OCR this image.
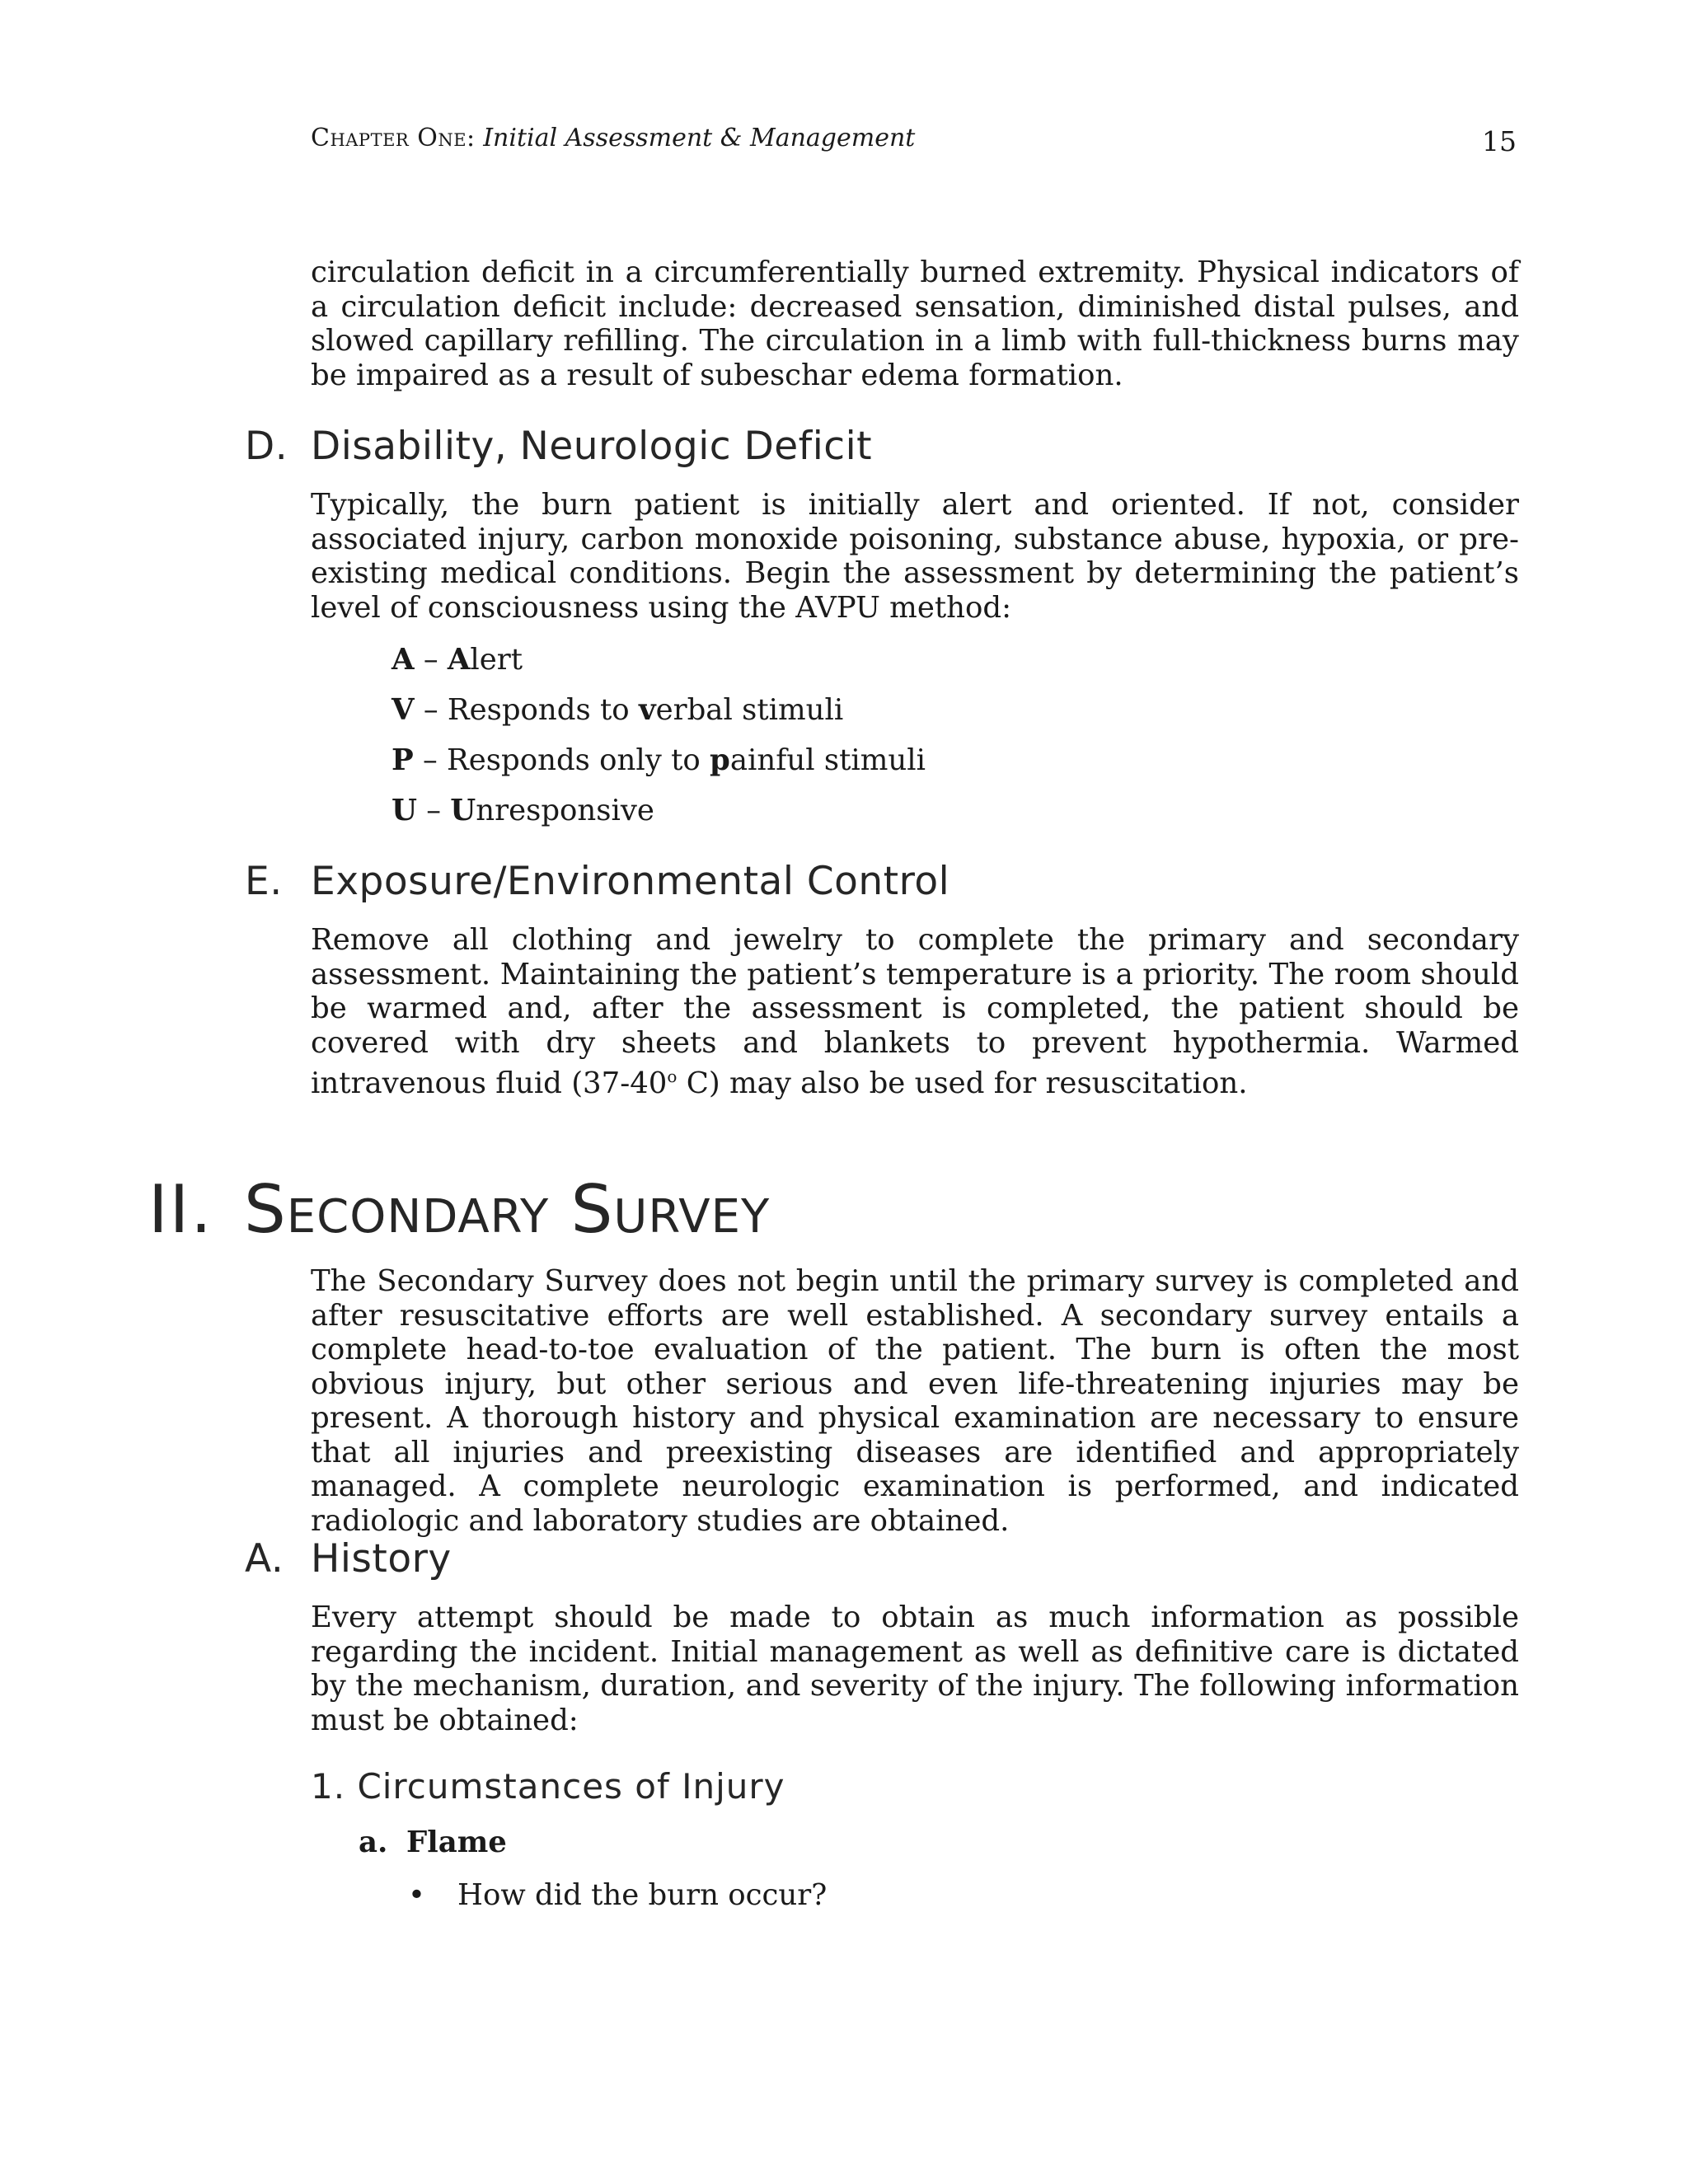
Chapter One: Initial Assessment & Management	15

circulation deficit in a circumferentially burned extremity. Physical indicators of a circulation deficit include: decreased sensation, diminished distal pulses, and slowed capillary refilling. The circulation in a limb with full-thickness burns may be impaired as a result of subeschar edema formation.

D. Disability, Neurologic Deficit

Typically, the burn patient is initially alert and oriented. If not, consider associated injury, carbon monoxide poisoning, substance abuse, hypoxia, or pre-existing medical conditions. Begin the assessment by determining the patient’s level of consciousness using the AVPU method:

A – Alert
V – Responds to verbal stimuli
P – Responds only to painful stimuli
U – Unresponsive
E. Exposure/Environmental Control

Remove all clothing and jewelry to complete the primary and secondary assessment. Maintaining the patient’s temperature is a priority. The room should be warmed and, after the assessment is completed, the patient should be covered with dry sheets and blankets to prevent hypothermia. Warmed intravenous fluid (37-40$^o$ C) may also be used for resuscitation.

II. Secondary Survey

The Secondary Survey does not begin until the primary survey is completed and after resuscitative efforts are well established. A secondary survey entails a complete head-to-toe evaluation of the patient. The burn is often the most obvious injury, but other serious and even life-threatening injuries may be present. A thorough history and physical examination are necessary to ensure that all injuries and preexisting diseases are identified and appropriately managed. A complete neurologic examination is performed, and indicated radiologic and laboratory studies are obtained.

A. History

Every attempt should be made to obtain as much information as possible regarding the incident. Initial management as well as definitive care is dictated by the mechanism, duration, and severity of the injury. The following information must be obtained:

1. Circumstances of Injury
a. Flame
• How did the burn occur?
